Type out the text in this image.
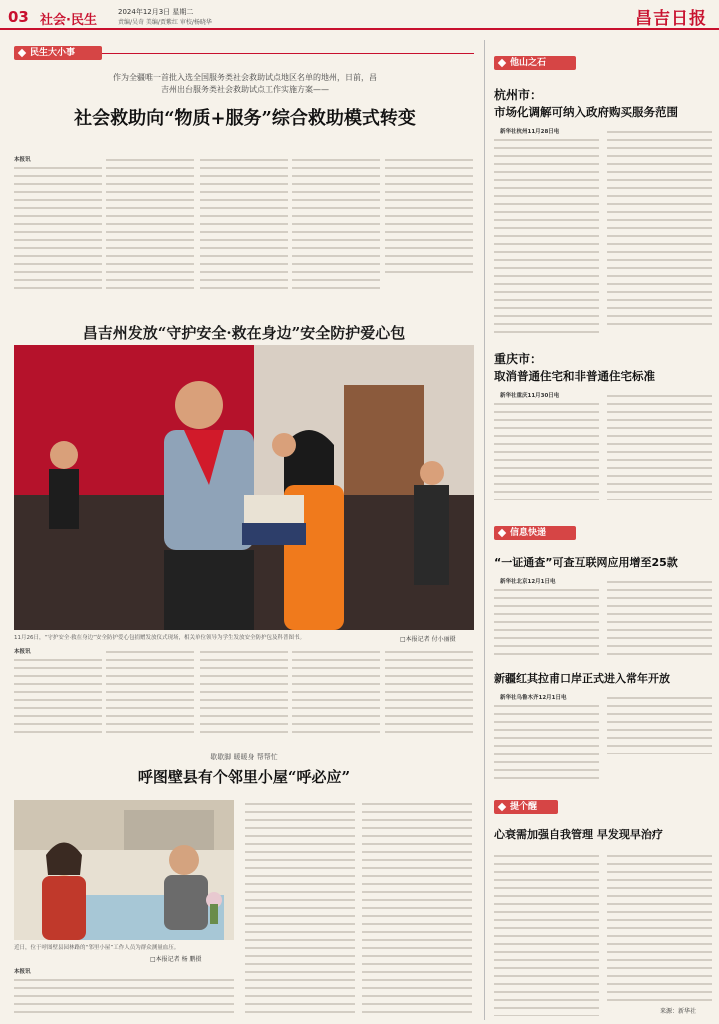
03 社会·民生
2024年12月3日 星期二
责编/吴奇 美编/贾紫红 审校/杨晓华	昌吉日报
民生大小事
作为全疆唯一首批入选全国服务类社会救助试点地区名单的地州，日前，昌
吉州出台服务类社会救助试点工作实施方案——
社会救助向“物质+服务”综合救助模式转变
本报讯
昌吉州发放“守护安全·救在身边”安全防护爱心包
11月26日，“守护安全·救在身边”安全防护爱心包捐赠发放仪式现场，相关单位领导为学生发放安全防护包及科普图书。	□本报记者 付小丽摄
本报讯
歇歇脚 暖暖身 帮帮忙
呼图壁县有个邻里小屋“呼必应”
近日，位于呼图壁县园林路的“邻里小屋”工作人员为群众测量血压。
□本报记者 杨 鹏摄
本报讯
他山之石
杭州市：
市场化调解可纳入政府购买服务范围
新华社杭州11月28日电
重庆市：
取消普通住宅和非普通住宅标准
新华社重庆11月30日电
信息快递
“一证通查”可查互联网应用增至25款
新华社北京12月1日电
新疆红其拉甫口岸正式进入常年开放
新华社乌鲁木齐12月1日电
提个醒
心衰需加强自我管理 早发现早治疗
来源：新华社
